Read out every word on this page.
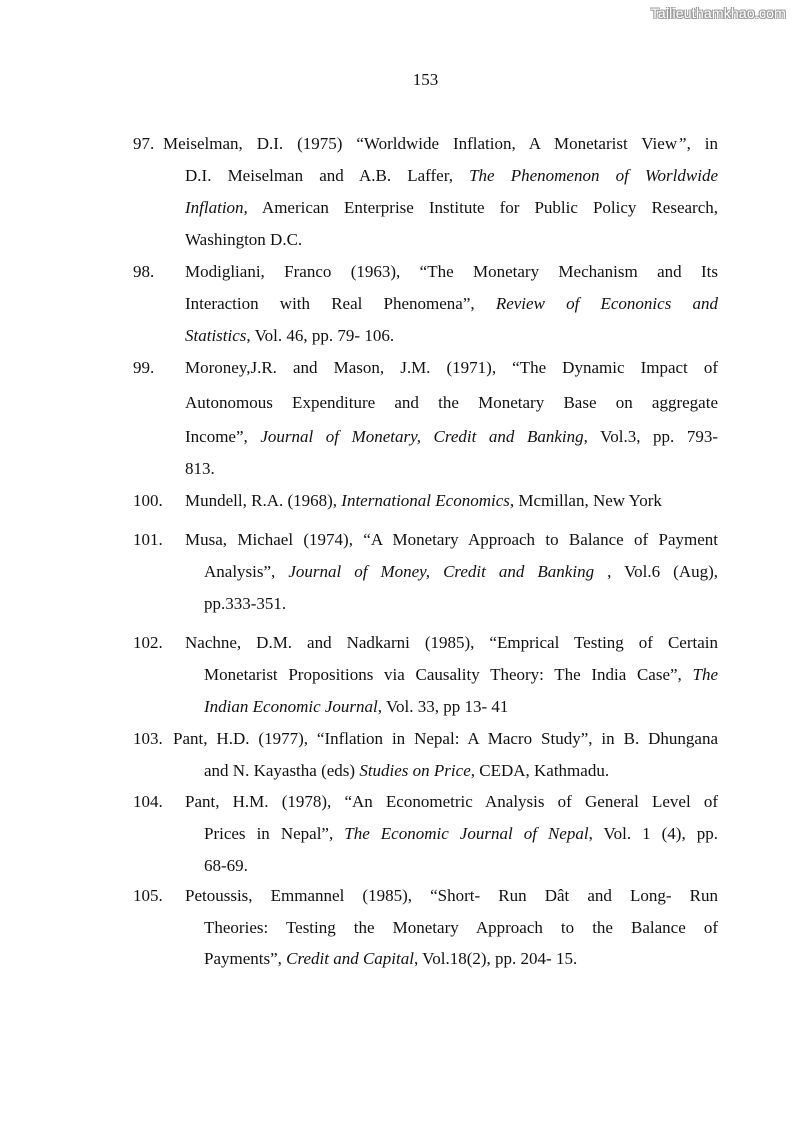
Tailieuthamkhao.com
153
97. Meiselman, D.I. (1975) “Worldwide Inflation, A Monetarist View”, in
D.I. Meiselman and A.B. Laffer, The Phenomenon of Worldwide
Inflation, American Enterprise Institute for Public Policy Research,
Washington D.C.
98. Modigliani, Franco (1963), “The Monetary Mechanism and Its
Interaction with Real Phenomena”, Review of Econonics and
Statistics, Vol. 46, pp. 79- 106.
99. Moroney,J.R. and Mason, J.M. (1971), “The Dynamic Impact of
Autonomous Expenditure and the Monetary Base on aggregate
Income”, Journal of Monetary, Credit and Banking, Vol.3, pp. 793-
813.
100. Mundell, R.A. (1968), International Economics, Mcmillan, New York
101. Musa, Michael (1974), “A Monetary Approach to Balance of Payment
Analysis”, Journal of Money, Credit and Banking , Vol.6 (Aug),
pp.333-351.
102. Nachne, D.M. and Nadkarni (1985), “Emprical Testing of Certain
Monetarist Propositions via Causality Theory: The India Case”, The
Indian Economic Journal, Vol. 33, pp 13- 41
103. Pant, H.D. (1977), “Inflation in Nepal: A Macro Study”, in B. Dhungana
and N. Kayastha (eds) Studies on Price, CEDA, Kathmadu.
104. Pant, H.M. (1978), “An Econometric Analysis of General Level of
Prices in Nepal”, The Economic Journal of Nepal, Vol. 1 (4), pp.
68-69.
105. Petoussis, Emmannel (1985), “Short- Run Dât and Long- Run
Theories: Testing the Monetary Approach to the Balance of
Payments”, Credit and Capital, Vol.18(2), pp. 204- 15.
